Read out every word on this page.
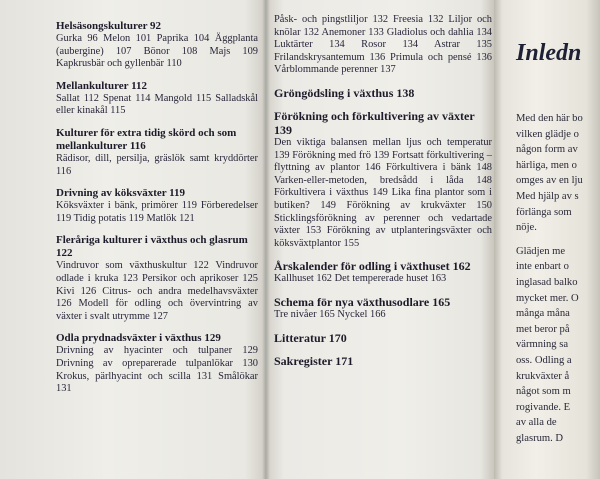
Helsäsongskulturer 92
Gurka 96 Melon 101 Paprika 104 Äggplanta (aubergine) 107 Bönor 108 Majs 109 Kapkrusbär och gyllenbär 110
Mellankulturer 112
Sallat 112 Spenat 114 Mangold 115 Salladskål eller kinakål 115
Kulturer för extra tidig skörd och som mellankulturer 116
Rädisor, dill, persilja, gräslök samt kryddörter 116
Drivning av köksväxter 119
Köksväxter i bänk, primörer 119 Förberedelser 119 Tidig potatis 119 Matlök 121
Fleråriga kulturer i växthus och glasrum 122
Vindruvor som växthuskultur 122 Vindruvor odlade i kruka 123 Persikor och aprikoser 125 Kivi 126 Citrus- och andra medelhavsväxter 126 Modell för odling och övervintring av växter i svalt utrymme 127
Odla prydnadsväxter i växthus 129
Drivning av hyacinter och tulpaner 129 Drivning av opreparerade tulpanlökar 130 Krokus, pärlhyacint och scilla 131 Smålökar 131
Påsk- och pingstliljor 132 Freesia 132 Liljor och knölar 132 Anemoner 133 Gladiolus och dahlia 134 Luktärter 134 Rosor 134 Astrar 135 Frilandskrysantemum 136 Primula och pensé 136 Vårblommande perenner 137
Gröngödsling i växthus 138
Förökning och förkultivering av växter 139
Den viktiga balansen mellan ljus och temperatur 139 Förökning med frö 139 Fortsatt förkultivering – flyttning av plantor 146 Förkultivera i bänk 148 Varken-eller-metoden, bredsådd i låda 148 Förkultivera i växthus 149 Lika fina plantor som i butiken? 149 Förökning av krukväxter 150 Sticklingsförökning av perenner och vedartade växter 153 Förökning av utplanteringsväxter och köksväxtplantor 155
Årskalender för odling i växthuset 162
Kallhuset 162 Det tempererade huset 163
Schema för nya växthusodlare 165
Tre nivåer 165 Nyckel 166
Litteratur 170
Sakregister 171
Inledn
Med den här bo
vilken glädje o
någon form av
härliga, men o
omges av en lju
Med hjälp av s
förlänga som
nöje.
Glädjen me
inte enbart o
inglasad balko
mycket mer. O
många måna
met beror på
värmning sa
oss. Odling a
krukväxter å
något som m
rogivande. E
av alla de
glasrum. D
